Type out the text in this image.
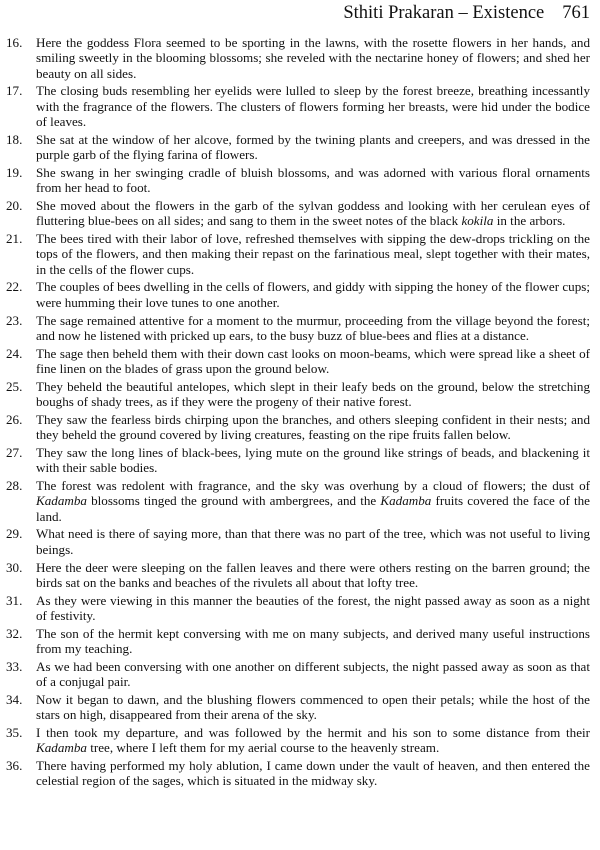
Sthiti Prakaran – Existence 761
16.	Here the goddess Flora seemed to be sporting in the lawns, with the rosette flowers in her hands, and smiling sweetly in the blooming blossoms; she reveled with the nectarine honey of flowers; and shed her beauty on all sides.
17.	The closing buds resembling her eyelids were lulled to sleep by the forest breeze, breathing incessantly with the fragrance of the flowers. The clusters of flowers forming her breasts, were hid under the bodice of leaves.
18.	She sat at the window of her alcove, formed by the twining plants and creepers, and was dressed in the purple garb of the flying farina of flowers.
19.	She swang in her swinging cradle of bluish blossoms, and was adorned with various floral ornaments from her head to foot.
20.	She moved about the flowers in the garb of the sylvan goddess and looking with her cerulean eyes of fluttering blue-bees on all sides; and sang to them in the sweet notes of the black kokila in the arbors.
21.	The bees tired with their labor of love, refreshed themselves with sipping the dew-drops trickling on the tops of the flowers, and then making their repast on the farinatious meal, slept together with their mates, in the cells of the flower cups.
22.	The couples of bees dwelling in the cells of flowers, and giddy with sipping the honey of the flower cups; were humming their love tunes to one another.
23.	The sage remained attentive for a moment to the murmur, proceeding from the village beyond the forest; and now he listened with pricked up ears, to the busy buzz of blue-bees and flies at a distance.
24.	The sage then beheld them with their down cast looks on moon-beams, which were spread like a sheet of fine linen on the blades of grass upon the ground below.
25.	They beheld the beautiful antelopes, which slept in their leafy beds on the ground, below the stretching boughs of shady trees, as if they were the progeny of their native forest.
26.	They saw the fearless birds chirping upon the branches, and others sleeping confident in their nests; and they beheld the ground covered by living creatures, feasting on the ripe fruits fallen below.
27.	They saw the long lines of black-bees, lying mute on the ground like strings of beads, and blackening it with their sable bodies.
28.	The forest was redolent with fragrance, and the sky was overhung by a cloud of flowers; the dust of Kadamba blossoms tinged the ground with ambergrees, and the Kadamba fruits covered the face of the land.
29.	What need is there of saying more, than that there was no part of the tree, which was not useful to living beings.
30.	Here the deer were sleeping on the fallen leaves and there were others resting on the barren ground; the birds sat on the banks and beaches of the rivulets all about that lofty tree.
31.	As they were viewing in this manner the beauties of the forest, the night passed away as soon as a night of festivity.
32.	The son of the hermit kept conversing with me on many subjects, and derived many useful instructions from my teaching.
33.	As we had been conversing with one another on different subjects, the night passed away as soon as that of a conjugal pair.
34.	Now it began to dawn, and the blushing flowers commenced to open their petals; while the host of the stars on high, disappeared from their arena of the sky.
35.	I then took my departure, and was followed by the hermit and his son to some distance from their Kadamba tree, where I left them for my aerial course to the heavenly stream.
36.	There having performed my holy ablution, I came down under the vault of heaven, and then entered the celestial region of the sages, which is situated in the midway sky.
